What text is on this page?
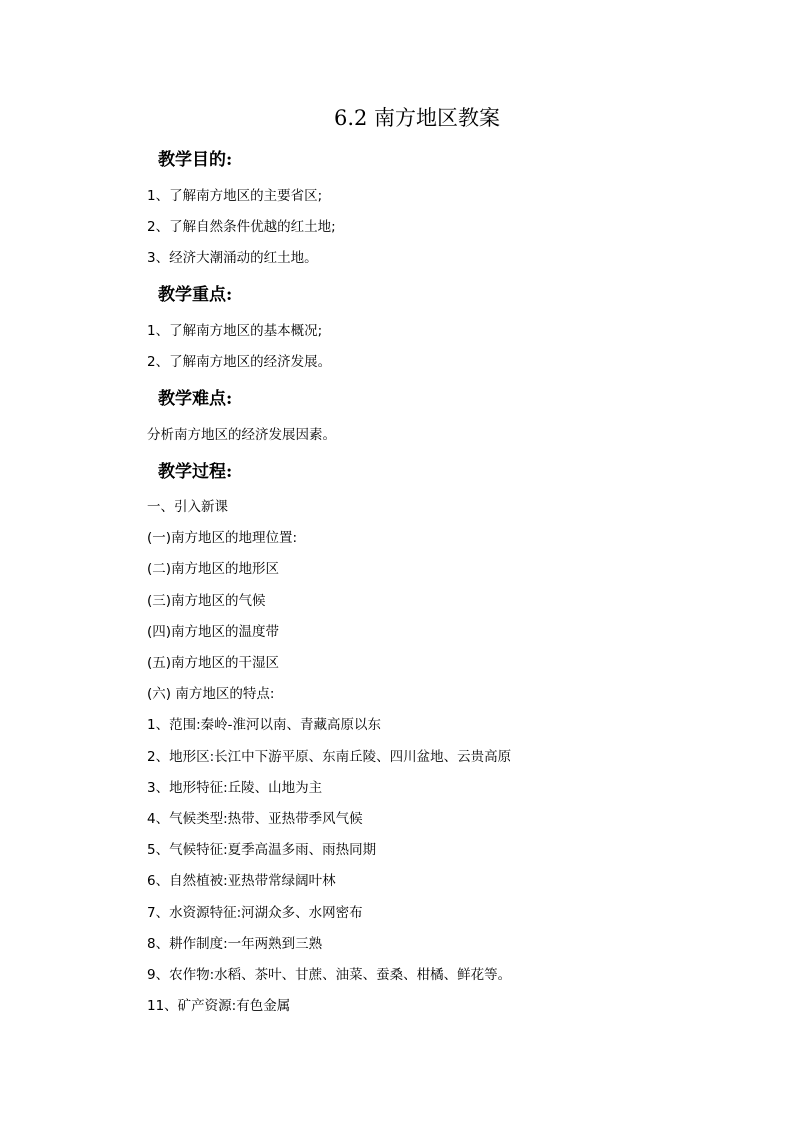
6.2 南方地区教案
教学目的:
1、了解南方地区的主要省区;
2、了解自然条件优越的红土地;
3、经济大潮涌动的红土地。
教学重点:
1、了解南方地区的基本概况;
2、了解南方地区的经济发展。
教学难点:
分析南方地区的经济发展因素。
教学过程:
一、引入新课
(一)南方地区的地理位置:
(二)南方地区的地形区
(三)南方地区的气候
(四)南方地区的温度带
(五)南方地区的干湿区
(六) 南方地区的特点:
1、范围:秦岭-淮河以南、青藏高原以东
2、地形区:长江中下游平原、东南丘陵、四川盆地、云贵高原
3、地形特征:丘陵、山地为主
4、气候类型:热带、亚热带季风气候
5、气候特征:夏季高温多雨、雨热同期
6、自然植被:亚热带常绿阔叶林
7、水资源特征:河湖众多、水网密布
8、耕作制度:一年两熟到三熟
9、农作物:水稻、茶叶、甘蔗、油菜、蚕桑、柑橘、鲜花等。
11、矿产资源:有色金属
